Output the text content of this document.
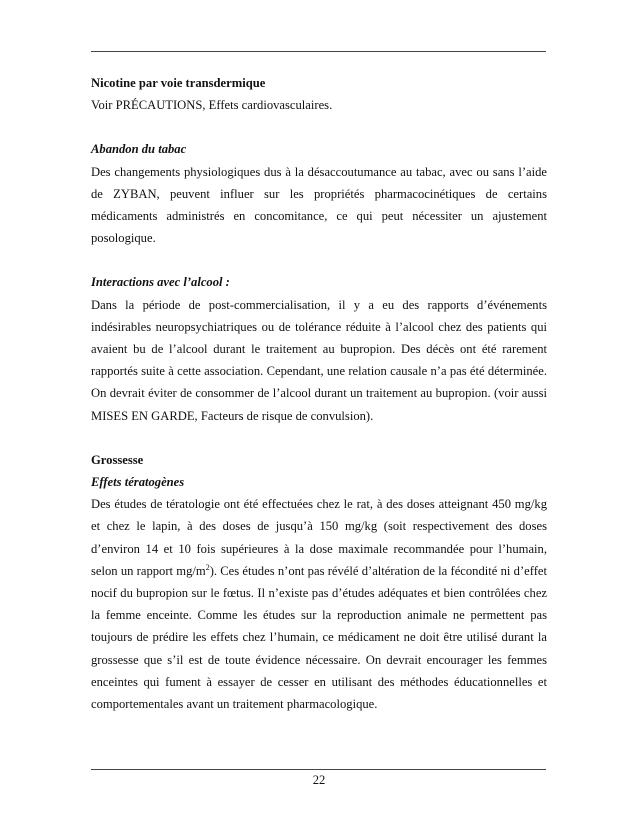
Nicotine par voie transdermique

Voir PRÉCAUTIONS, Effets cardiovasculaires.

Abandon du tabac

Des changements physiologiques dus à la désaccoutumance au tabac, avec ou sans l’aide de ZYBAN, peuvent influer sur les propriétés pharmacocinétiques de certains médicaments administrés en concomitance, ce qui peut nécessiter un ajustement posologique.

Interactions avec l’alcool :

Dans la période de post-commercialisation, il y a eu des rapports d’événements indésirables neuropsychiatriques ou de tolérance réduite à l’alcool chez des patients qui avaient bu de l’alcool durant le traitement au bupropion. Des décès ont été rarement rapportés suite à cette association. Cependant, une relation causale n’a pas été déterminée. On devrait éviter de consommer de l’alcool durant un traitement au bupropion. (voir aussi MISES EN GARDE, Facteurs de risque de convulsion).

Grossesse

Effets tératogènes

Des études de tératologie ont été effectuées chez le rat, à des doses atteignant 450 mg/kg et chez le lapin, à des doses de jusqu’à 150 mg/kg (soit respectivement des doses d’environ 14 et 10 fois supérieures à la dose maximale recommandée pour l’humain, selon un rapport $mg/m^2$). Ces études n’ont pas révélé d’altération de la fécondité ni d’effet nocif du bupropion sur le fœtus. Il n’existe pas d’études adéquates et bien contrôlées chez la femme enceinte. Comme les études sur la reproduction animale ne permettent pas toujours de prédire les effets chez l’humain, ce médicament ne doit être utilisé durant la grossesse que s’il est de toute évidence nécessaire. On devrait encourager les femmes enceintes qui fument à essayer de cesser en utilisant des méthodes éducationnelles et comportementales avant un traitement pharmacologique.

22
